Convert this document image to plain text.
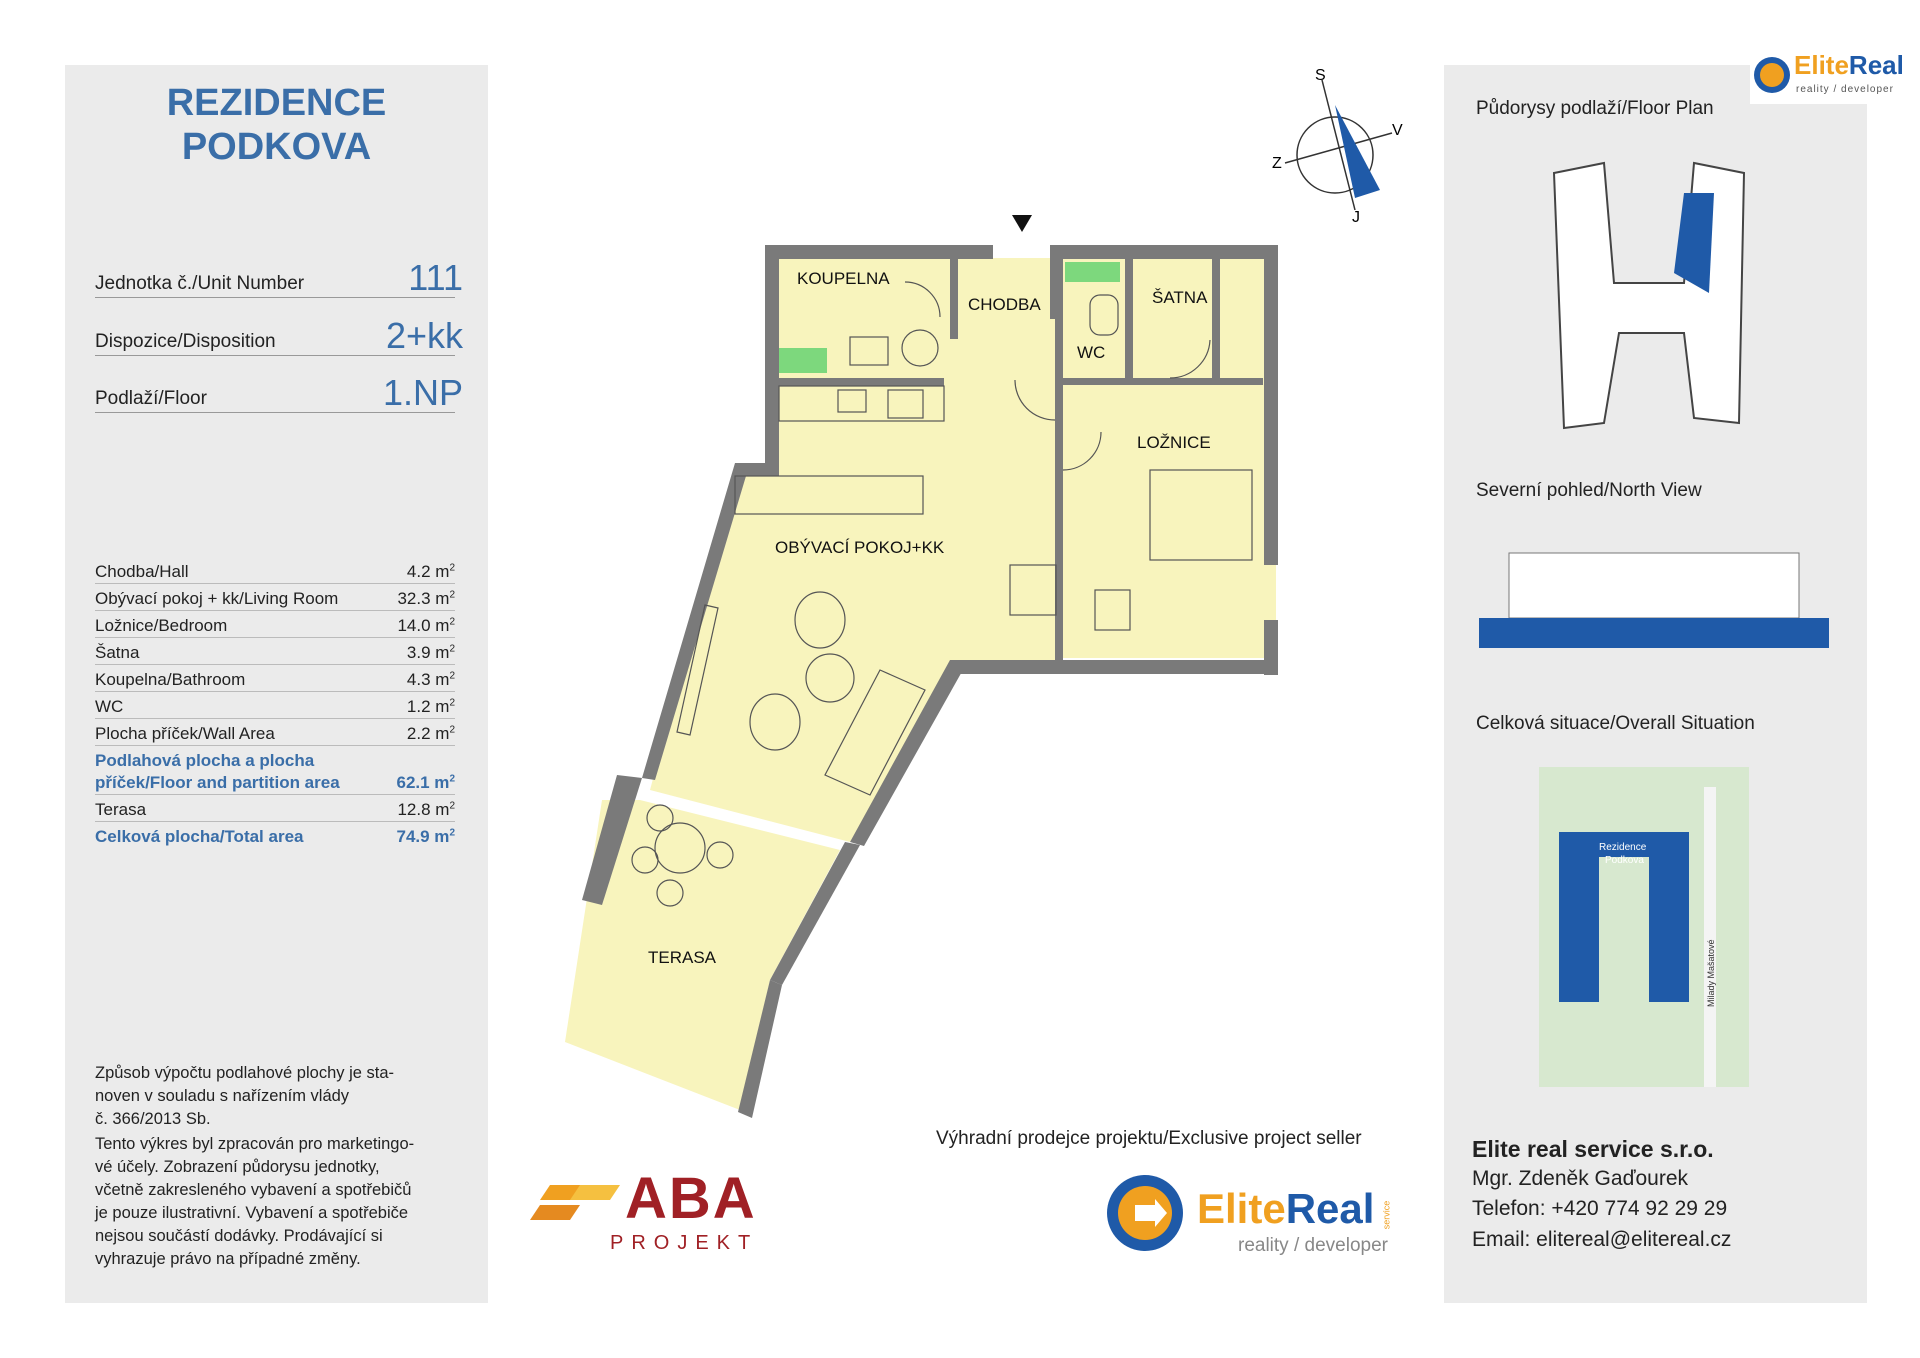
REZIDENCE
PODKOVA
Jednotka č./Unit Number	111
Dispozice/Disposition	2+kk
Podlaží/Floor	1.NP
Chodba/Hall	4.2 $m^2$
Obývací pokoj + kk/Living Room	32.3 $m^2$
Ložnice/Bedroom	14.0 $m^2$
Šatna	3.9 $m^2$
Koupelna/Bathroom	4.3 $m^2$
WC	1.2 $m^2$
Plocha příček/Wall Area	2.2 $m^2$
Podlahová plocha a plocha
příček/Floor and partition area	62.1 $m^2$
Terasa	12.8 $m^2$
Celková plocha/Total area	74.9 $m^2$
Způsob výpočtu podlahové plochy je sta-
noven v souladu s nařízením vlády
č. 366/2013 Sb.
Tento výkres byl zpracován pro marketingo-
vé účely. Zobrazení půdorysu jednotky,
včetně zakresleného vybavení a spotřebičů
je pouze ilustrativní. Vybavení a spotřebiče
nejsou součástí dodávky. Prodávající si
vyhrazuje právo na případné změny.
KOUPELNA
CHODBA
WC
ŠATNA
LOŽNICE
OBÝVACÍ POKOJ+KK
TERASA
S
J
Z
V
Výhradní prodejce projektu/Exclusive project seller
EliteReal
reality / developer
service
ABA
PROJEKT
Půdorysy podlaží/Floor Plan
Severní pohled/North View
Celková situace/Overall Situation
Rezidence
Podkova
Milady Mašatové
EliteReal
reality / developer
Elite real service s.r.o.
Mgr. Zdeněk Gaďourek
Telefon: +420 774 92 29 29
Email: elitereal@elitereal.cz
